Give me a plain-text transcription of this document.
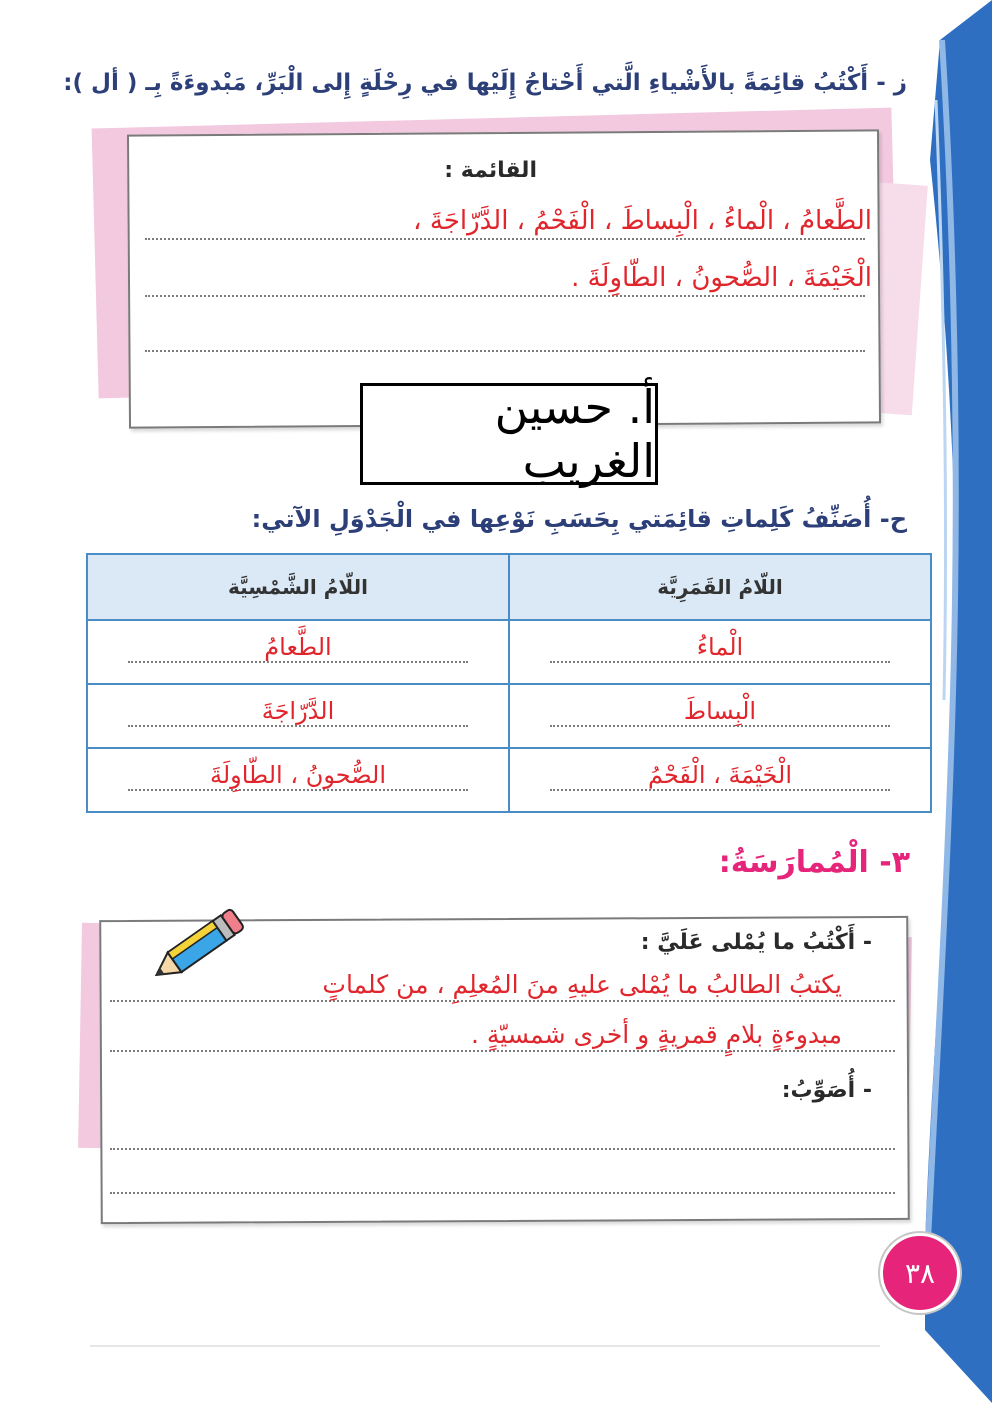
ز - أَكْتُبُ قائِمَةً بالأَشْياءِ الَّتي أَحْتاجُ إِلَيْها في رِحْلَةٍ إِلى الْبَرِّ، مَبْدوءَةً بِـ ( أل ):
القائمة :
الطَّعامُ ، الْماءُ ، الْبِساطَ ، الْفَحْمُ ، الدَّرّاجَةَ ،
الْخَيْمَةَ ، الصُّحونُ ، الطّاوِلَةَ .
أ. حسين الغريب
ح- أُصَنِّفُ كَلِماتِ قائِمَتي بِحَسَبِ نَوْعِها في الْجَدْوَلِ الآتي:
اللّامُ القَمَرِيَّة	اللّامُ الشَّمْسِيَّة

الْماءُ	الطَّعامُ

الْبِساطَ	الدَّرّاجَةَ

الْخَيْمَةَ ، الْفَحْمُ	الصُّحونُ ، الطّاوِلَةَ
٣- الْمُمارَسَةُ:
- أَكْتُبُ ما يُمْلى عَلَيَّ :
يكتبُ الطالبُ ما يُمْلى عليهِ منَ المُعلِمِ ، من كلماتٍ
مبدوءةٍ بلامٍ قمريةٍ و أخرى شمسيّةٍ .
- أُصَوِّبُ:
٣٨
